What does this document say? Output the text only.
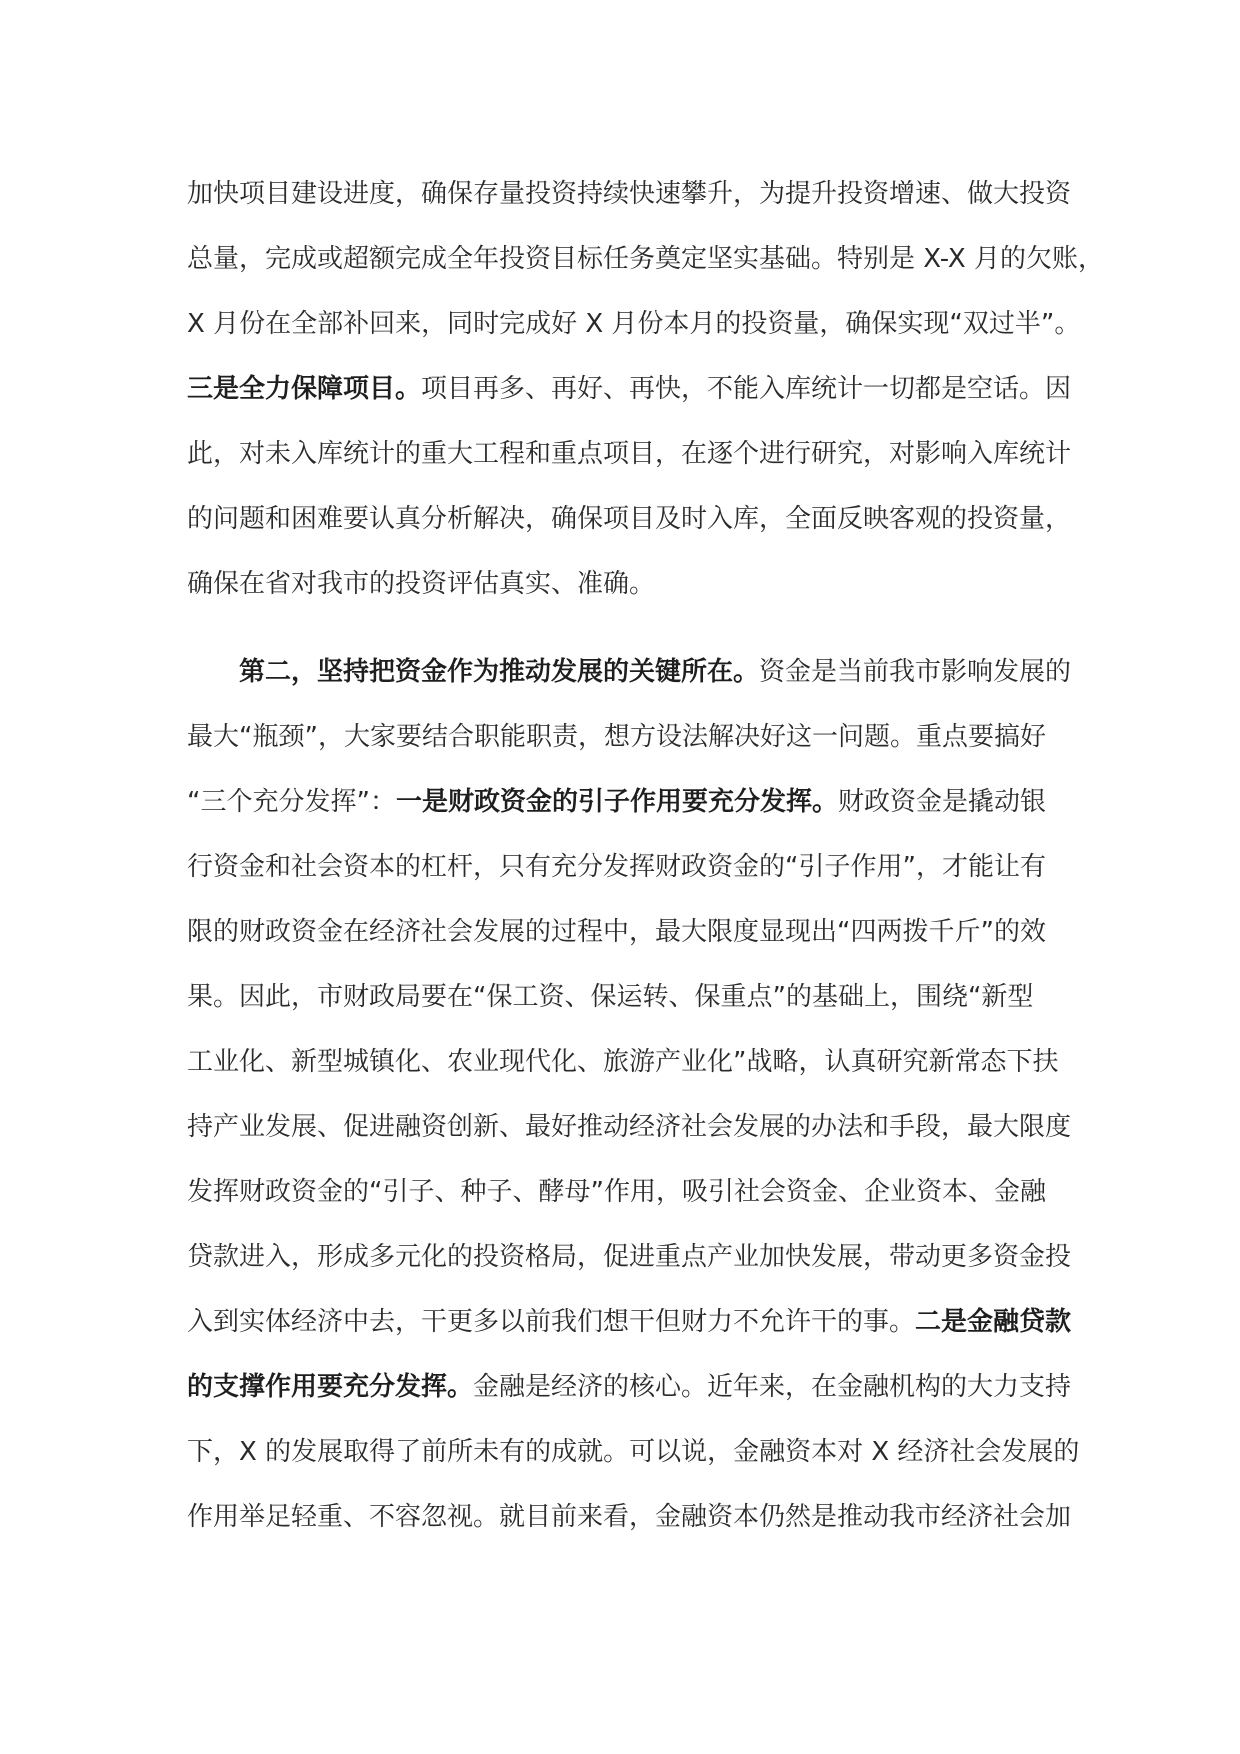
加快项目建设进度，确保存量投资持续快速攀升，为提升投资增速、做大投资
总量，完成或超额完成全年投资目标任务奠定坚实基础。特别是 X-X 月的欠账，
X 月份在全部补回来，同时完成好 X 月份本月的投资量，确保实现“双过半”。
三是全力保障项目。项目再多、再好、再快，不能入库统计一切都是空话。因
此，对未入库统计的重大工程和重点项目，在逐个进行研究，对影响入库统计
的问题和困难要认真分析解决，确保项目及时入库，全面反映客观的投资量，
确保在省对我市的投资评估真实、准确。
第二，坚持把资金作为推动发展的关键所在。资金是当前我市影响发展的
最大“瓶颈”，大家要结合职能职责，想方设法解决好这一问题。重点要搞好
“三个充分发挥”：一是财政资金的引子作用要充分发挥。财政资金是撬动银
行资金和社会资本的杠杆，只有充分发挥财政资金的“引子作用”，才能让有
限的财政资金在经济社会发展的过程中，最大限度显现出“四两拨千斤”的效
果。因此，市财政局要在“保工资、保运转、保重点”的基础上，围绕“新型
工业化、新型城镇化、农业现代化、旅游产业化”战略，认真研究新常态下扶
持产业发展、促进融资创新、最好推动经济社会发展的办法和手段，最大限度
发挥财政资金的“引子、种子、酵母”作用，吸引社会资金、企业资本、金融
贷款进入，形成多元化的投资格局，促进重点产业加快发展，带动更多资金投
入到实体经济中去，干更多以前我们想干但财力不允许干的事。二是金融贷款
的支撑作用要充分发挥。金融是经济的核心。近年来，在金融机构的大力支持
下，X 的发展取得了前所未有的成就。可以说，金融资本对 X 经济社会发展的
作用举足轻重、不容忽视。就目前来看，金融资本仍然是推动我市经济社会加
